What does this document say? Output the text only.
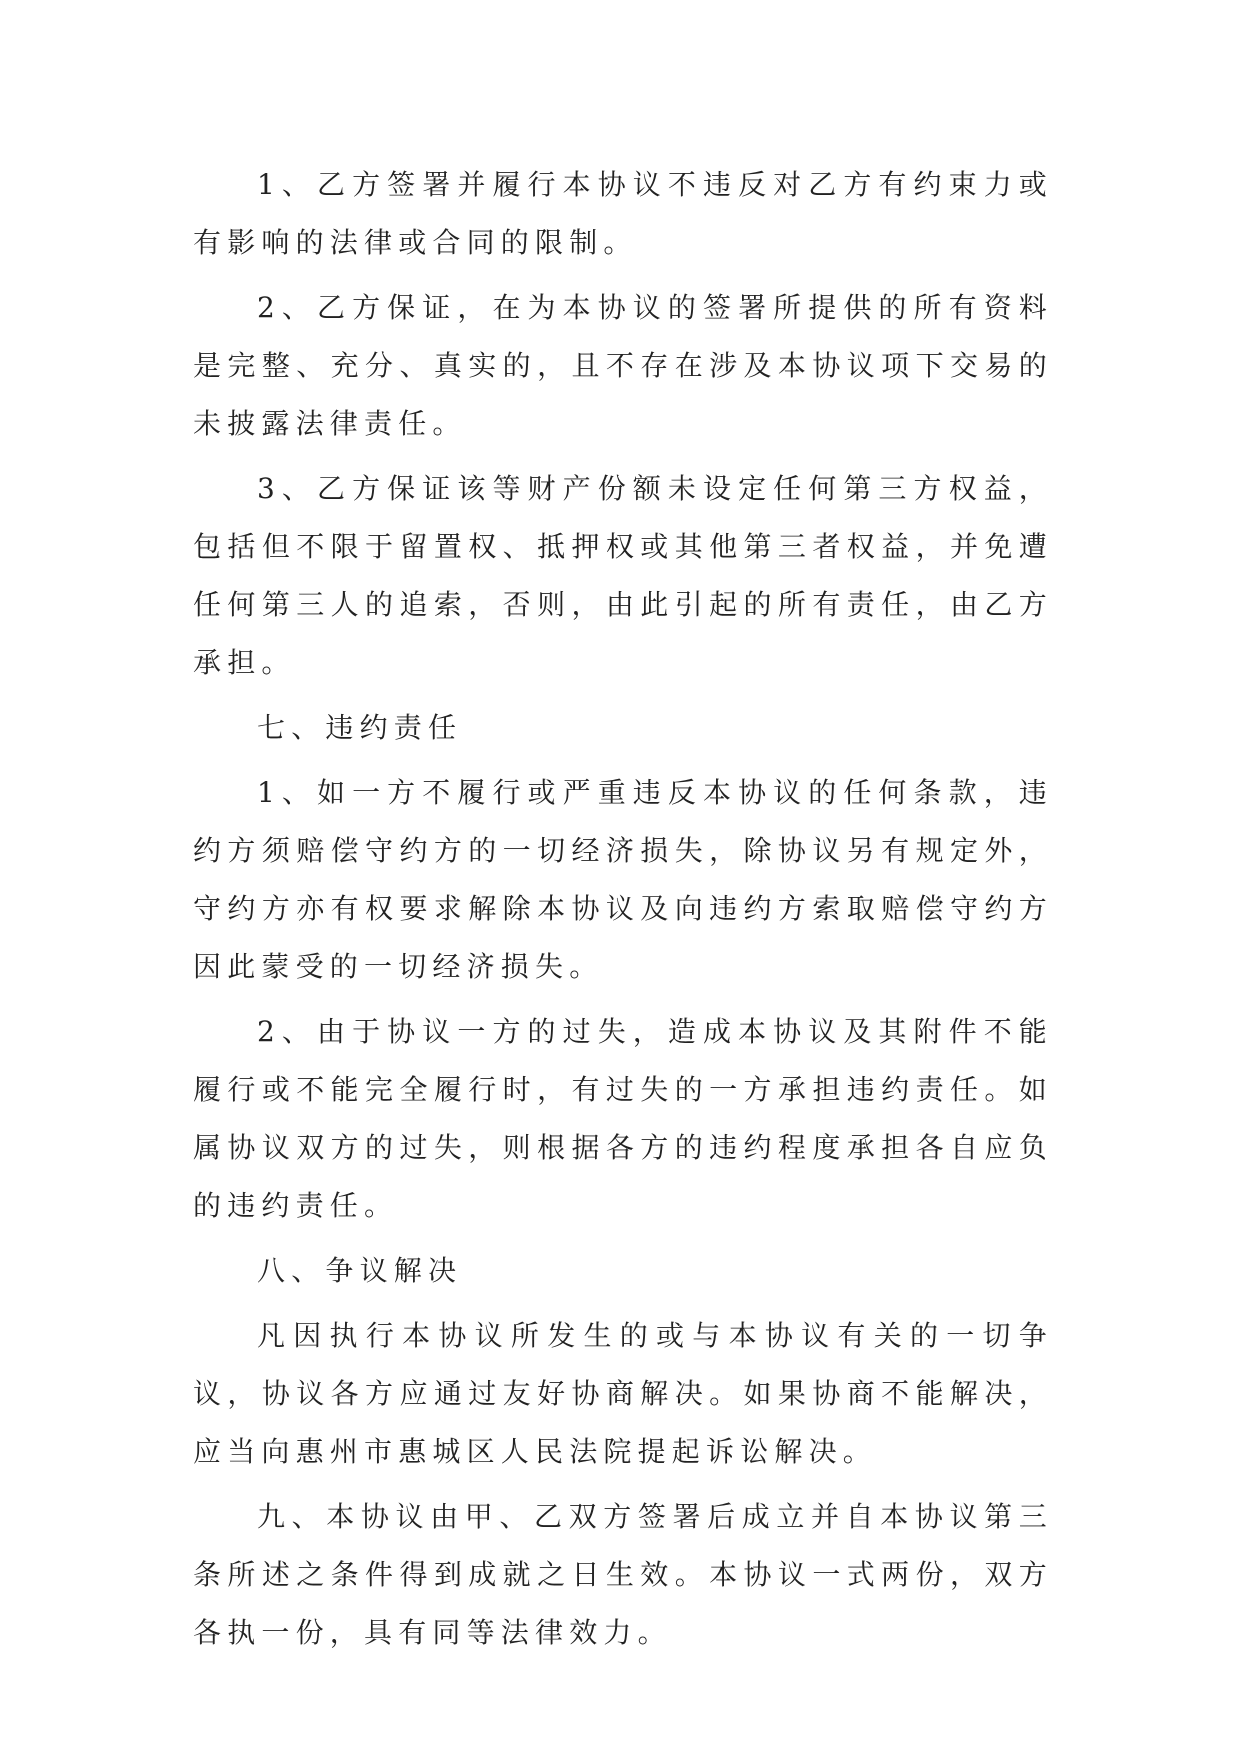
1、乙方签署并履行本协议不违反对乙方有约束力或有影响的法律或合同的限制。

2、乙方保证，在为本协议的签署所提供的所有资料是完整、充分、真实的，且不存在涉及本协议项下交易的未披露法律责任。

3、乙方保证该等财产份额未设定任何第三方权益，包括但不限于留置权、抵押权或其他第三者权益，并免遭任何第三人的追索，否则，由此引起的所有责任，由乙方承担。

七、违约责任

1、如一方不履行或严重违反本协议的任何条款，违约方须赔偿守约方的一切经济损失，除协议另有规定外，守约方亦有权要求解除本协议及向违约方索取赔偿守约方因此蒙受的一切经济损失。

2、由于协议一方的过失，造成本协议及其附件不能履行或不能完全履行时，有过失的一方承担违约责任。如属协议双方的过失，则根据各方的违约程度承担各自应负的违约责任。

八、争议解决

凡因执行本协议所发生的或与本协议有关的一切争议，协议各方应通过友好协商解决。如果协商不能解决，应当向惠州市惠城区人民法院提起诉讼解决。

九、本协议由甲、乙双方签署后成立并自本协议第三条所述之条件得到成就之日生效。本协议一式两份，双方各执一份，具有同等法律效力。
